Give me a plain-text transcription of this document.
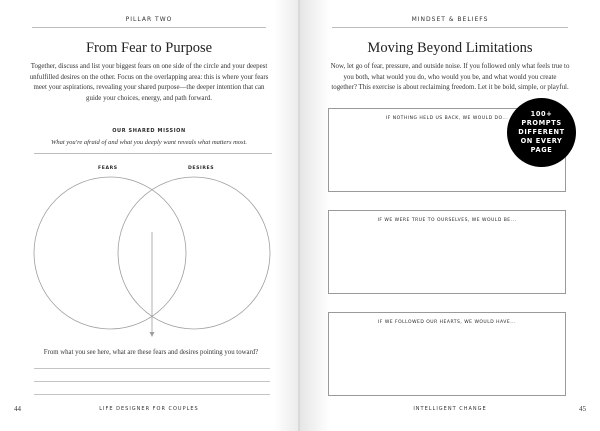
PILLAR TWO
From Fear to Purpose
Together, discuss and list your biggest fears on one side of the circle and your deepest unfulfilled desires on the other. Focus on the overlapping area: this is where your fears meet your aspirations, revealing your shared purpose—the deeper intention that can guide your choices, energy, and path forward.
OUR SHARED MISSION
What you're afraid of and what you deeply want reveals what matters most.
FEARS	DESIRES
From what you see here, what are these fears and desires pointing you toward?
44	LIFE DESIGNER FOR COUPLES
MINDSET & BELIEFS
Moving Beyond Limitations
Now, let go of fear, pressure, and outside noise. If you followed only what feels true to you both, what would you do, who would you be, and what would you create together? This exercise is about reclaiming freedom. Let it be bold, simple, or playful.
IF NOTHING HELD US BACK, WE WOULD DO...
IF WE WERE TRUE TO OURSELVES, WE WOULD BE...
IF WE FOLLOWED OUR HEARTS, WE WOULD HAVE...
100+ PROMPTS DIFFERENT ON EVERY PAGE
INTELLIGENT CHANGE	45
